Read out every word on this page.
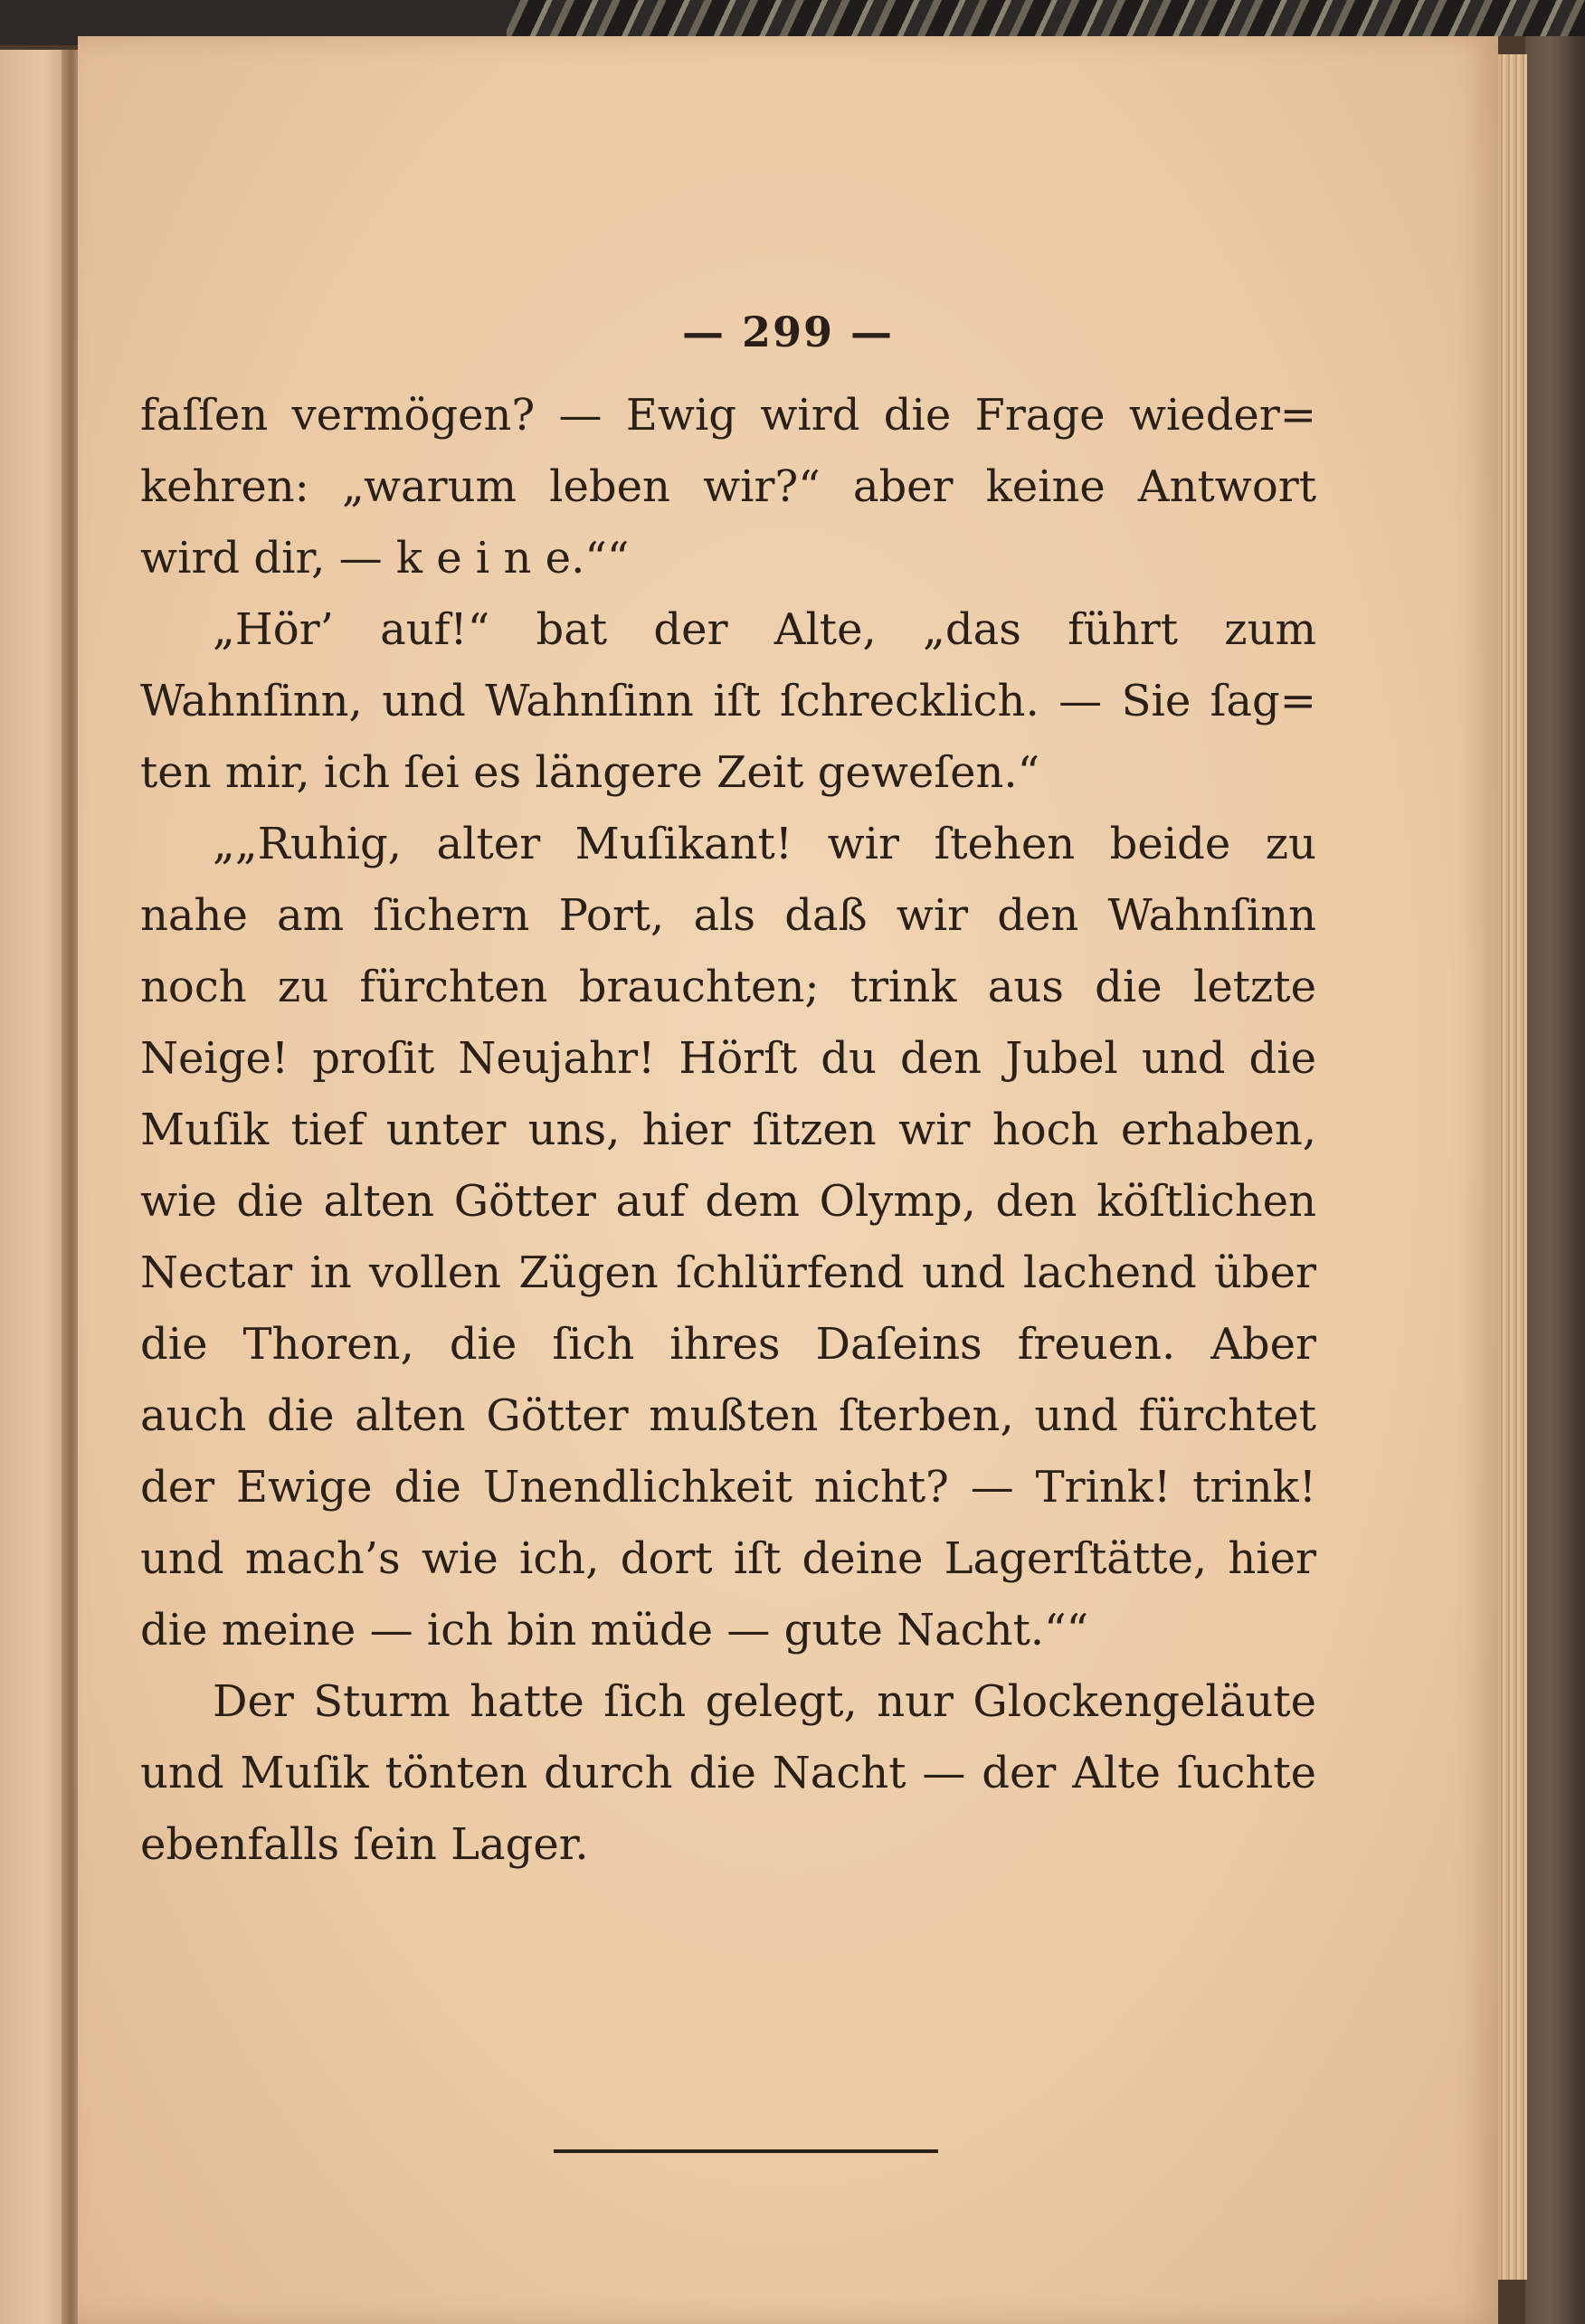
— 299 —
faſſen vermögen? — Ewig wird die Frage wieder=
kehren: „warum leben wir?“ aber keine Antwort
wird dir, — k e i n e.““
„Hör’ auf!“ bat der Alte, „das führt zum
Wahnſinn, und Wahnſinn iſt ſchrecklich. — Sie ſag=
ten mir, ich ſei es längere Zeit geweſen.“
„„Ruhig, alter Muſikant! wir ſtehen beide zu
nahe am ſichern Port, als daß wir den Wahnſinn
noch zu fürchten brauchten; trink aus die letzte
Neige! proſit Neujahr! Hörſt du den Jubel und die
Muſik tief unter uns, hier ſitzen wir hoch erhaben,
wie die alten Götter auf dem Olymp, den köſtlichen
Nectar in vollen Zügen ſchlürfend und lachend über
die Thoren, die ſich ihres Daſeins freuen. Aber
auch die alten Götter mußten ſterben, und fürchtet
der Ewige die Unendlichkeit nicht? — Trink! trink!
und mach’s wie ich, dort iſt deine Lagerſtätte, hier
die meine — ich bin müde — gute Nacht.““
Der Sturm hatte ſich gelegt, nur Glockengeläute
und Muſik tönten durch die Nacht — der Alte ſuchte
ebenfalls ſein Lager.
